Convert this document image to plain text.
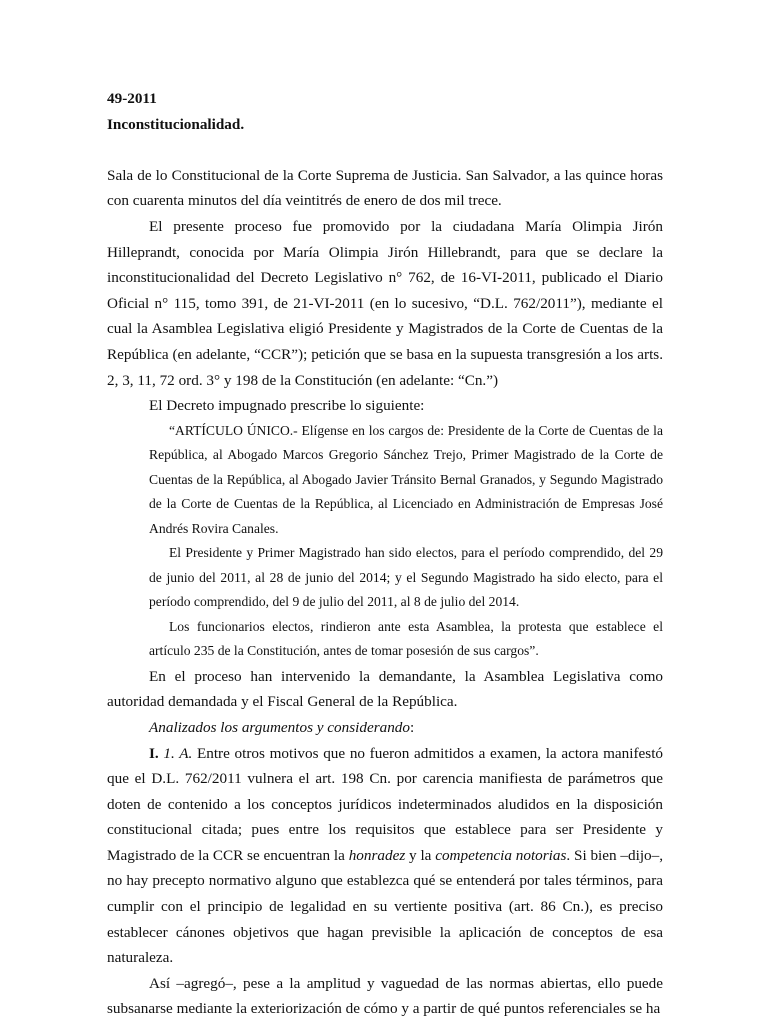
49-2011

Inconstitucionalidad.

Sala de lo Constitucional de la Corte Suprema de Justicia. San Salvador, a las quince horas con cuarenta minutos del día veintitrés de enero de dos mil trece.

El presente proceso fue promovido por la ciudadana María Olimpia Jirón Hilleprandt, conocida por María Olimpia Jirón Hillebrandt, para que se declare la inconstitucionalidad del Decreto Legislativo n° 762, de 16-VI-2011, publicado el Diario Oficial n° 115, tomo 391, de 21-VI-2011 (en lo sucesivo, “D.L. 762/2011”), mediante el cual la Asamblea Legislativa eligió Presidente y Magistrados de la Corte de Cuentas de la República (en adelante, “CCR”); petición que se basa en la supuesta transgresión a los arts. 2, 3, 11, 72 ord. 3° y 198 de la Constitución (en adelante: “Cn.”)

El Decreto impugnado prescribe lo siguiente:

“ARTÍCULO ÚNICO.- Elígense en los cargos de: Presidente de la Corte de Cuentas de la República, al Abogado Marcos Gregorio Sánchez Trejo, Primer Magistrado de la Corte de Cuentas de la República, al Abogado Javier Tránsito Bernal Granados, y Segundo Magistrado de la Corte de Cuentas de la República, al Licenciado en Administración de Empresas José Andrés Rovira Canales.

El Presidente y Primer Magistrado han sido electos, para el período comprendido, del 29 de junio del 2011, al 28 de junio del 2014; y el Segundo Magistrado ha sido electo, para el período comprendido, del 9 de julio del 2011, al 8 de julio del 2014.

Los funcionarios electos, rindieron ante esta Asamblea, la protesta que establece el artículo 235 de la Constitución, antes de tomar posesión de sus cargos”.

En el proceso han intervenido la demandante, la Asamblea Legislativa como autoridad demandada y el Fiscal General de la República.

Analizados los argumentos y considerando:

I. 1. A. Entre otros motivos que no fueron admitidos a examen, la actora manifestó que el D.L. 762/2011 vulnera el art. 198 Cn. por carencia manifiesta de parámetros que doten de contenido a los conceptos jurídicos indeterminados aludidos en la disposición constitucional citada; pues entre los requisitos que establece para ser Presidente y Magistrado de la CCR se encuentran la honradez y la competencia notorias. Si bien –dijo–, no hay precepto normativo alguno que establezca qué se entenderá por tales términos, para cumplir con el principio de legalidad en su vertiente positiva (art. 86 Cn.), es preciso establecer cánones objetivos que hagan previsible la aplicación de conceptos de esa naturaleza.

Así –agregó–, pese a la amplitud y vaguedad de las normas abiertas, ello puede subsanarse mediante la exteriorización de cómo y a partir de qué puntos referenciales se ha
